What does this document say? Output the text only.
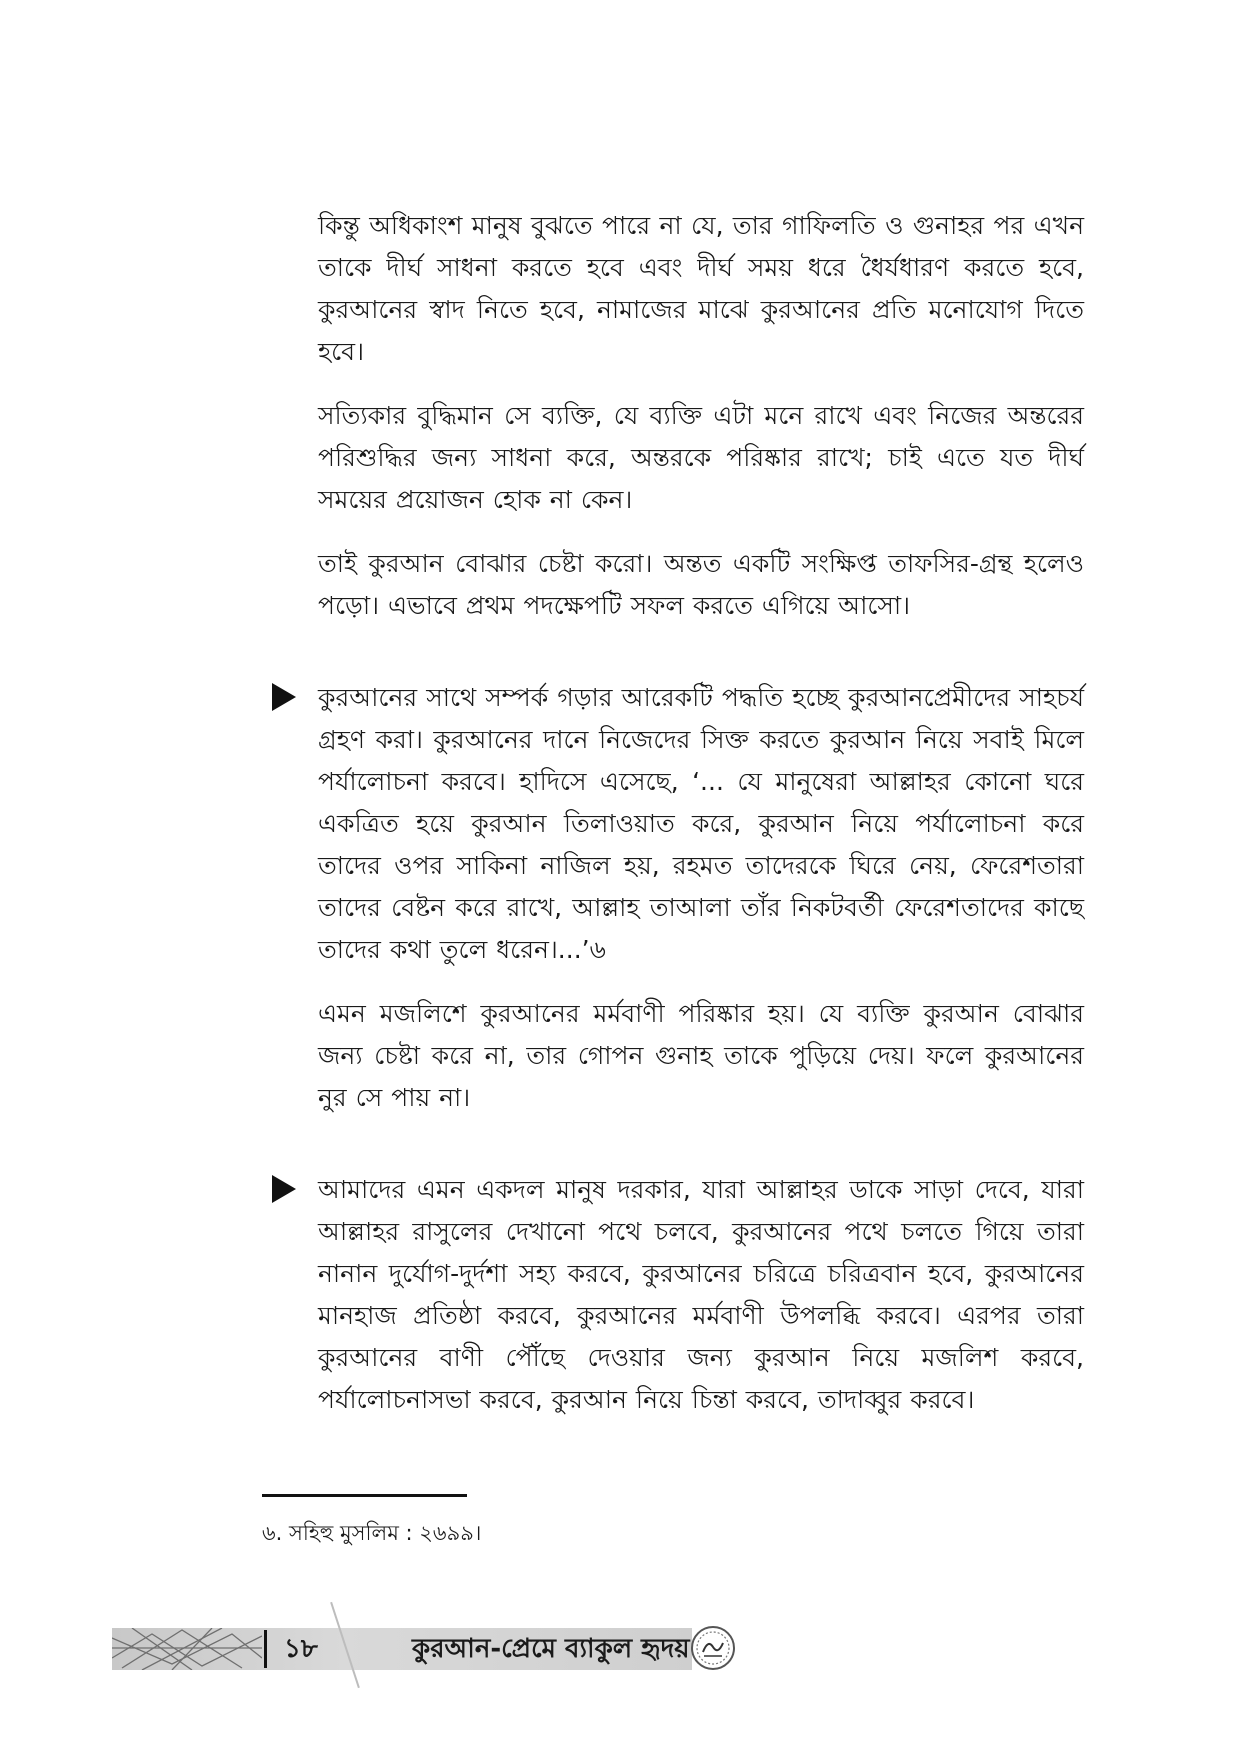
কিন্তু অধিকাংশ মানুষ বুঝতে পারে না যে, তার গাফিলতি ও গুনাহর পর এখন তাকে দীর্ঘ সাধনা করতে হবে এবং দীর্ঘ সময় ধরে ধৈর্যধারণ করতে হবে, কুরআনের স্বাদ নিতে হবে, নামাজের মাঝে কুরআনের প্রতি মনোযোগ দিতে হবে।

সত্যিকার বুদ্ধিমান সে ব্যক্তি, যে ব্যক্তি এটা মনে রাখে এবং নিজের অন্তরের পরিশুদ্ধির জন্য সাধনা করে, অন্তরকে পরিষ্কার রাখে; চাই এতে যত দীর্ঘ সময়ের প্রয়োজন হোক না কেন।

তাই কুরআন বোঝার চেষ্টা করো। অন্তত একটি সংক্ষিপ্ত তাফসির-গ্রন্থ হলেও পড়ো। এভাবে প্রথম পদক্ষেপটি সফল করতে এগিয়ে আসো।

কুরআনের সাথে সম্পর্ক গড়ার আরেকটি পদ্ধতি হচ্ছে কুরআনপ্রেমীদের সাহচর্য গ্রহণ করা। কুরআনের দানে নিজেদের সিক্ত করতে কুরআন নিয়ে সবাই মিলে পর্যালোচনা করবে। হাদিসে এসেছে, ‘... যে মানুষেরা আল্লাহর কোনো ঘরে একত্রিত হয়ে কুরআন তিলাওয়াত করে, কুরআন নিয়ে পর্যালোচনা করে তাদের ওপর সাকিনা নাজিল হয়, রহমত তাদেরকে ঘিরে নেয়, ফেরেশতারা তাদের বেষ্টন করে রাখে, আল্লাহ তাআলা তাঁর নিকটবর্তী ফেরেশতাদের কাছে তাদের কথা তুলে ধরেন।...’৬

এমন মজলিশে কুরআনের মর্মবাণী পরিষ্কার হয়। যে ব্যক্তি কুরআন বোঝার জন্য চেষ্টা করে না, তার গোপন গুনাহ তাকে পুড়িয়ে দেয়। ফলে কুরআনের নুর সে পায় না।

আমাদের এমন একদল মানুষ দরকার, যারা আল্লাহর ডাকে সাড়া দেবে, যারা আল্লাহর রাসুলের দেখানো পথে চলবে, কুরআনের পথে চলতে গিয়ে তারা নানান দুর্যোগ-দুর্দশা সহ্য করবে, কুরআনের চরিত্রে চরিত্রবান হবে, কুরআনের মানহাজ প্রতিষ্ঠা করবে, কুরআনের মর্মবাণী উপলব্ধি করবে। এরপর তারা কুরআনের বাণী পৌঁছে দেওয়ার জন্য কুরআন নিয়ে মজলিশ করবে, পর্যালোচনাসভা করবে, কুরআন নিয়ে চিন্তা করবে, তাদাব্বুর করবে।

৬. সহিহু মুসলিম : ২৬৯৯।
১৮	কুরআন-প্রেমে ব্যাকুল হৃদয়
